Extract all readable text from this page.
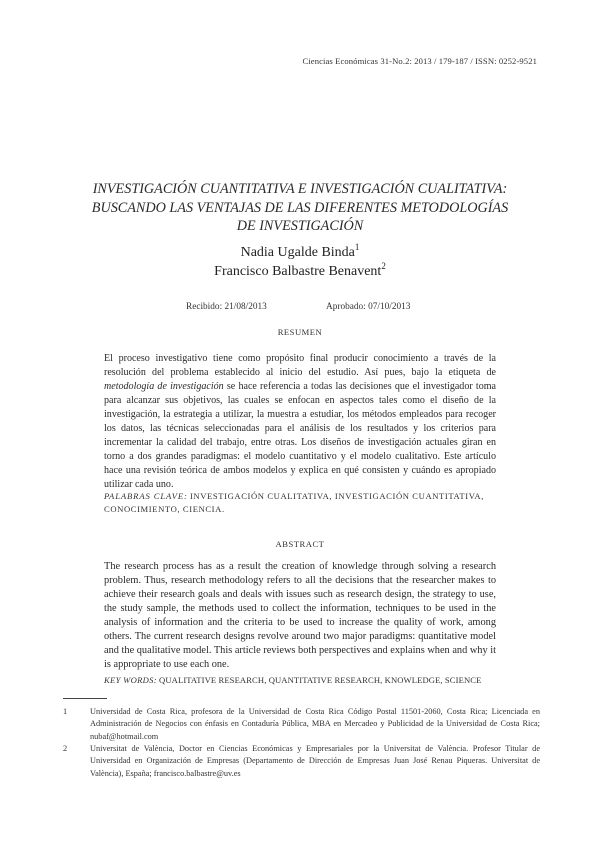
Ciencias Económicas 31-No.2: 2013 / 179-187 / ISSN: 0252-9521
INVESTIGACIÓN CUANTITATIVA E INVESTIGACIÓN CUALITATIVA:
BUSCANDO LAS VENTAJAS DE LAS DIFERENTES METODOLOGÍAS
DE INVESTIGACIÓN
Nadia Ugalde Binda$^1$
Francisco Balbastre Benavent$^2$
Recibido: 21/08/2013	Aprobado: 07/10/2013
RESUMEN
El proceso investigativo tiene como propósito final producir conocimiento a través de la resolución del problema establecido al inicio del estudio. Así pues, bajo la etiqueta de metodología de investigación se hace referencia a todas las decisiones que el investigador toma para alcanzar sus objetivos, las cuales se enfocan en aspectos tales como el diseño de la investigación, la estrategia a utilizar, la muestra a estudiar, los métodos empleados para recoger los datos, las técnicas seleccionadas para el análisis de los resultados y los criterios para incrementar la calidad del trabajo, entre otras. Los diseños de investigación actuales giran en torno a dos grandes paradigmas: el modelo cuantitativo y el modelo cualitativo. Este artículo hace una revisión teórica de ambos modelos y explica en qué consisten y cuándo es apropiado utilizar cada uno.
PALABRAS CLAVE: INVESTIGACIÓN CUALITATIVA, INVESTIGACIÓN CUANTITATIVA, CONOCIMIENTO, CIENCIA.
ABSTRACT
The research process has as a result the creation of knowledge through solving a research problem. Thus, research methodology refers to all the decisions that the researcher makes to achieve their research goals and deals with issues such as research design, the strategy to use, the study sample, the methods used to collect the information, techniques to be used in the analysis of information and the criteria to be used to increase the quality of work, among others. The current research designs revolve around two major paradigms: quantitative model and the qualitative model. This article reviews both perspectives and explains when and why it is appropriate to use each one.
KEY WORDS: QUALITATIVE RESEARCH, QUANTITATIVE RESEARCH, KNOWLEDGE, SCIENCE
1	Universidad de Costa Rica, profesora de la Universidad de Costa Rica Código Postal 11501-2060, Costa Rica; Licenciada en Administración de Negocios con énfasis en Contaduría Pública, MBA en Mercadeo y Publicidad de la Universidad de Costa Rica; nubaf@hotmail.com
2	Universitat de València, Doctor en Ciencias Económicas y Empresariales por la Universitat de València. Profesor Titular de Universidad en Organización de Empresas (Departamento de Dirección de Empresas Juan José Renau Piqueras. Universitat de València), España; francisco.balbastre@uv.es
